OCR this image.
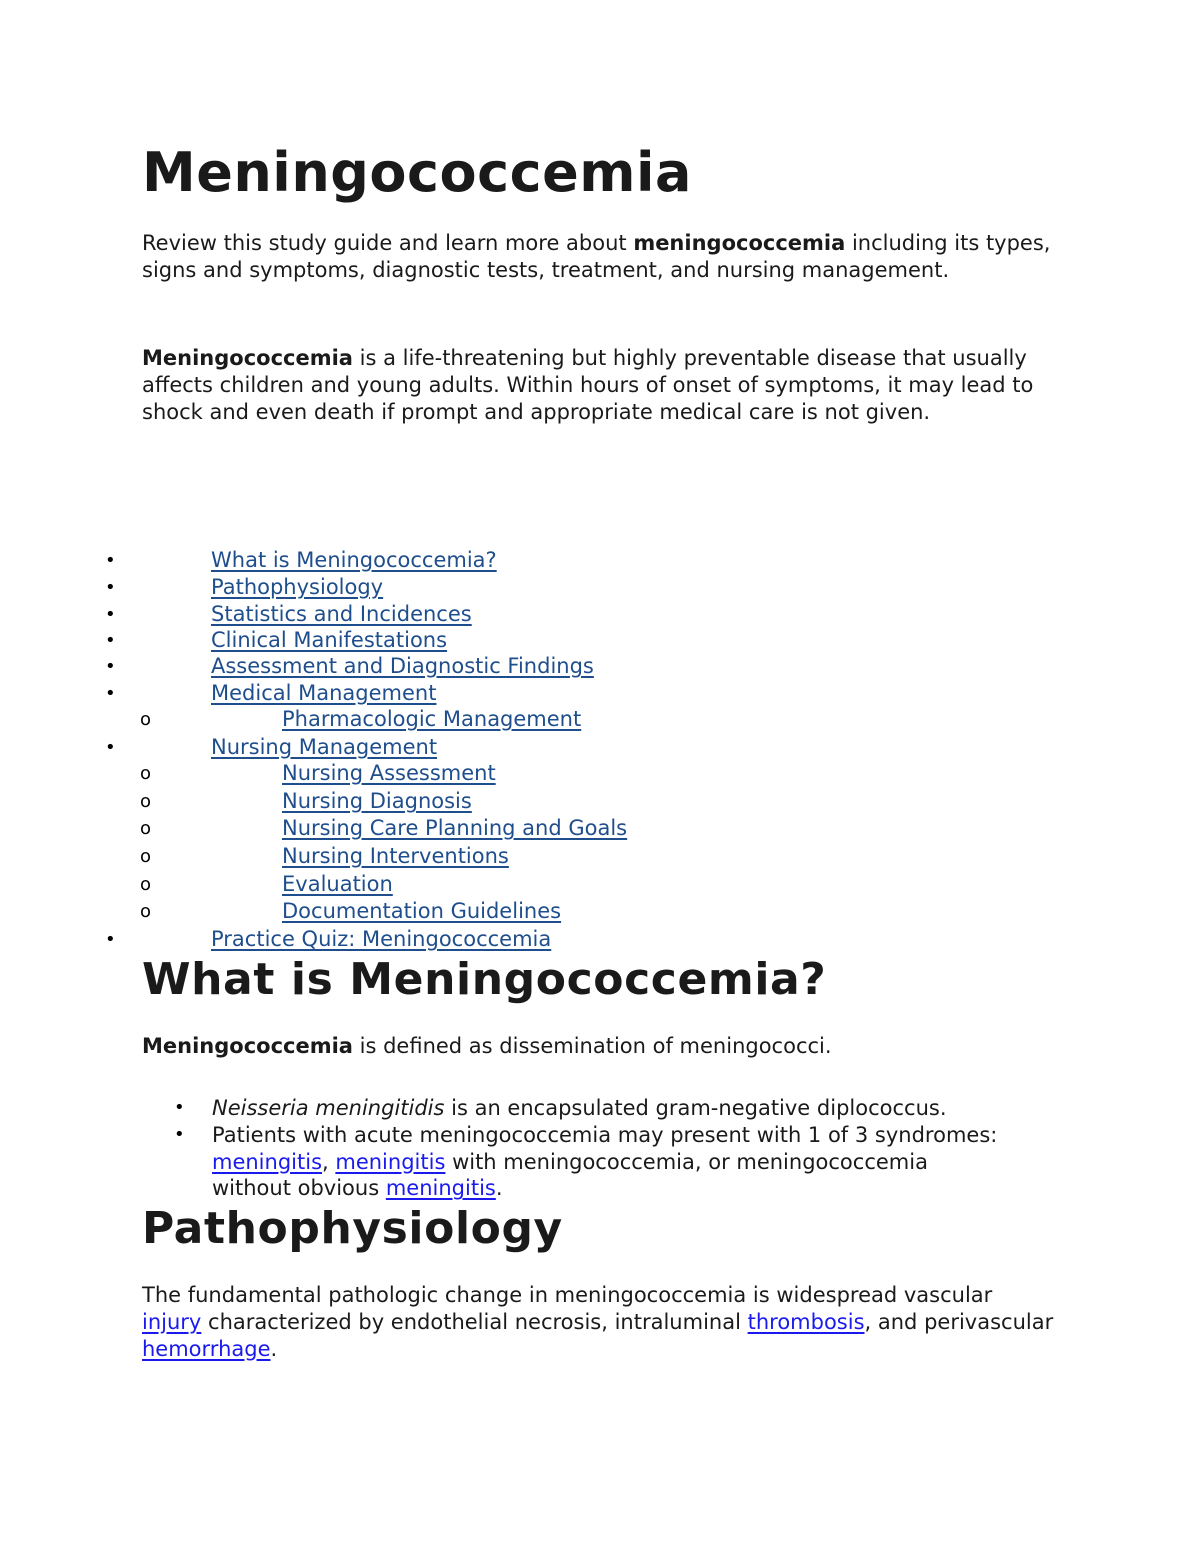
Meningococcemia

Review this study guide and learn more about meningococcemia including its types, signs and symptoms, diagnostic tests, treatment, and nursing management.

Meningococcemia is a life-threatening but highly preventable disease that usually affects children and young adults. Within hours of onset of symptoms, it may lead to shock and even death if prompt and appropriate medical care is not given.

•	What is Meningococcemia?
•	Pathophysiology
•	Statistics and Incidences
•	Clinical Manifestations
•	Assessment and Diagnostic Findings
•	Medical Management
o	Pharmacologic Management
•	Nursing Management
o	Nursing Assessment
o	Nursing Diagnosis
o	Nursing Care Planning and Goals
o	Nursing Interventions
o	Evaluation
o	Documentation Guidelines
•	Practice Quiz: Meningococcemia
What is Meningococcemia?

Meningococcemia is defined as dissemination of meningococci.

• Neisseria meningitidis is an encapsulated gram-negative diplococcus.
• Patients with acute meningococcemia may present with 1 of 3 syndromes: meningitis, meningitis with meningococcemia, or meningococcemia without obvious meningitis.
Pathophysiology

The fundamental pathologic change in meningococcemia is widespread vascular injury characterized by endothelial necrosis, intraluminal thrombosis, and perivascular hemorrhage.
